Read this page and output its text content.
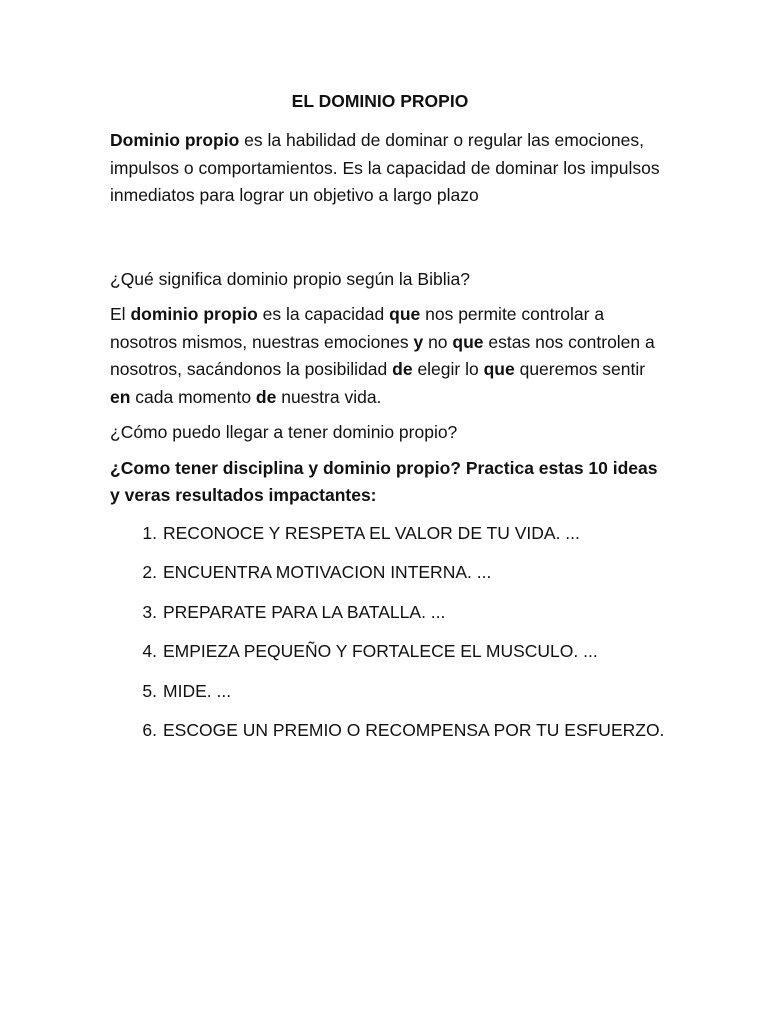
EL DOMINIO PROPIO

Dominio propio es la habilidad de dominar o regular las emociones, impulsos o comportamientos. Es la capacidad de dominar los impulsos inmediatos para lograr un objetivo a largo plazo

¿Qué significa dominio propio según la Biblia?

El dominio propio es la capacidad que nos permite controlar a nosotros mismos, nuestras emociones y no que estas nos controlen a nosotros, sacándonos la posibilidad de elegir lo que queremos sentir en cada momento de nuestra vida.

¿Cómo puedo llegar a tener dominio propio?

¿Como tener disciplina y dominio propio? Practica estas 10 ideas y veras resultados impactantes:

1. RECONOCE Y RESPETA EL VALOR DE TU VIDA. ...
2. ENCUENTRA MOTIVACION INTERNA. ...
3. PREPARATE PARA LA BATALLA. ...
4. EMPIEZA PEQUEÑO Y FORTALECE EL MUSCULO. ...
5. MIDE. ...
6. ESCOGE UN PREMIO O RECOMPENSA POR TU ESFUERZO.
